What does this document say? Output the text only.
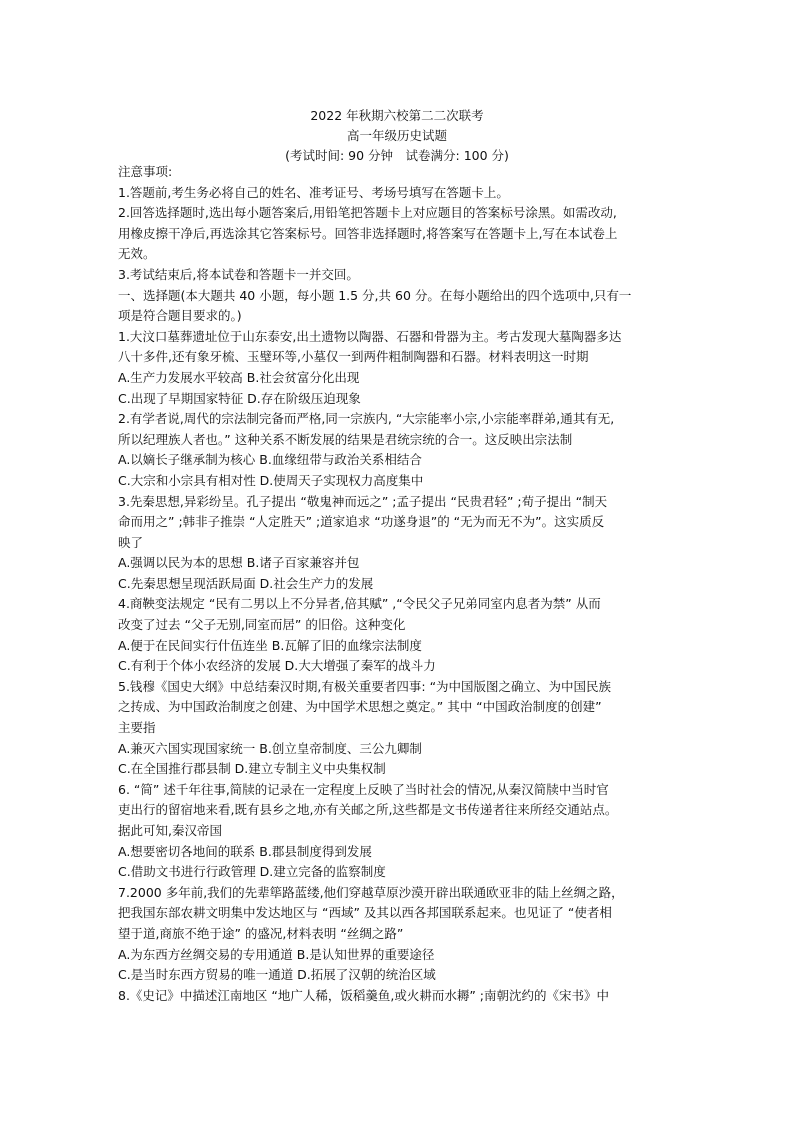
2022 年秋期六校第二二次联考
高一年级历史试题
(考试时间: 90 分钟　试卷满分: 100 分)

注意事项:

1.答题前,考生务必将自己的姓名、准考证号、考场号填写在答题卡上。

2.回答选择题时,选出每小题答案后,用铅笔把答题卡上对应题目的答案标号涂黑。如需改动,

用橡皮擦干净后,再选涂其它答案标号。回答非选择题时,将答案写在答题卡上,写在本试卷上

无效。

3.考试结束后,将本试卷和答题卡一并交回。

一、选择题(本大题共 40 小题，每小题 1.5 分,共 60 分。在每小题给出的四个选项中,只有一

项是符合题目要求的。)

1.大汶口墓葬遗址位于山东泰安,出土遗物以陶器、石器和骨器为主。考古发现大墓陶器多达

八十多件,还有象牙梳、玉璧环等,小墓仅一到两件粗制陶器和石器。材料表明这一时期

A.生产力发展水平较高 B.社会贫富分化出现

C.出现了早期国家特征 D.存在阶级压迫现象

2.有学者说,周代的宗法制完备而严格,同一宗族内, “大宗能率小宗,小宗能率群弟,通其有无,

所以纪理族人者也。” 这种关系不断发展的结果是君统宗统的合一。这反映出宗法制

A.以嫡长子继承制为核心 B.血缘纽带与政治关系相结合

C.大宗和小宗具有相对性 D.使周天子实现权力高度集中

3.先秦思想,异彩纷呈。孔子提出 “敬鬼神而远之” ;孟子提出 “民贵君轻” ;荀子提出 “制天

命而用之” ;韩非子推崇 “人定胜天” ;道家追求 “功遂身退”的 “无为而无不为”。这实质反

映了

A.强调以民为本的思想 B.诸子百家兼容并包

C.先秦思想呈现活跃局面 D.社会生产力的发展

4.商鞅变法规定 “民有二男以上不分异者,倍其赋” ,“令民父子兄弟同室内息者为禁” 从而

改变了过去 “父子无别,同室而居” 的旧俗。这种变化

A.便于在民间实行什伍连坐 B.瓦解了旧的血缘宗法制度

C.有利于个体小农经济的发展 D.大大增强了秦军的战斗力

5.钱穆《国史大纲》中总结秦汉时期,有极关重要者四事: “为中国版图之确立、为中国民族

之抟成、为中国政治制度之创建、为中国学术思想之奠定。” 其中 “中国政治制度的创建”

主要指

A.兼灭六国实现国家统一 B.创立皇帝制度、三公九卿制

C.在全国推行郡县制 D.建立专制主义中央集权制

6. “简” 述千年往事,简牍的记录在一定程度上反映了当时社会的情况,从秦汉简牍中当时官

吏出行的留宿地来看,既有县乡之地,亦有关邮之所,这些都是文书传递者往来所经交通站点。

据此可知,秦汉帝国

A.想要密切各地间的联系 B.郡县制度得到发展

C.借助文书进行行政管理 D.建立完备的监察制度

7.2000 多年前,我们的先辈筚路蓝缕,他们穿越草原沙漠开辟出联通欧亚非的陆上丝绸之路，

把我国东部农耕文明集中发达地区与 “西域” 及其以西各邦国联系起来。也见证了 “使者相

望于道,商旅不绝于途” 的盛况,材料表明 “丝绸之路”

A.为东西方丝绸交易的专用通道 B.是认知世界的重要途径

C.是当时东西方贸易的唯一通道 D.拓展了汉朝的统治区域

8.《史记》中描述江南地区 “地广人稀，饭稻羹鱼,或火耕而水耨” ;南朝沈约的《宋书》中
